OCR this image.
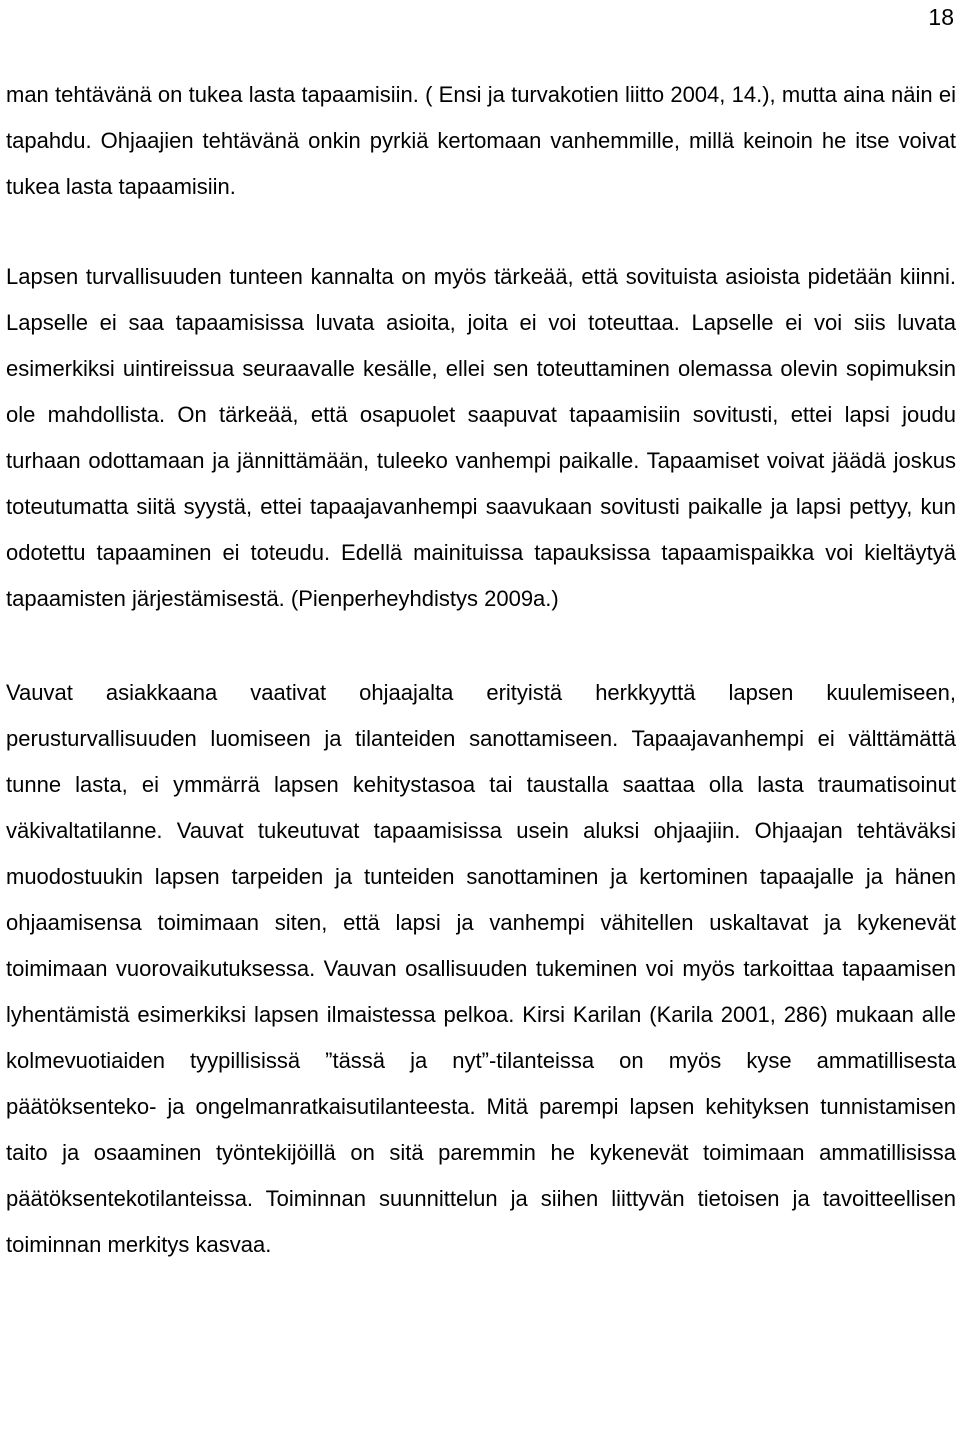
18

man tehtävänä on tukea lasta tapaamisiin. ( Ensi ja turvakotien liitto 2004, 14.), mutta aina näin ei tapahdu. Ohjaajien tehtävänä onkin pyrkiä kertomaan vanhemmille, millä keinoin he itse voivat tukea lasta tapaamisiin.

Lapsen turvallisuuden tunteen kannalta on myös tärkeää, että sovituista asioista pidetään kiinni. Lapselle ei saa tapaamisissa luvata asioita, joita ei voi toteuttaa. Lapselle ei voi siis luvata esimerkiksi uintireissua seuraavalle kesälle, ellei sen toteuttaminen olemassa olevin sopimuksin ole mahdollista. On tärkeää, että osapuolet saapuvat tapaamisiin sovitusti, ettei lapsi joudu turhaan odottamaan ja jännittämään, tuleeko vanhempi paikalle. Tapaamiset voivat jäädä joskus toteutumatta siitä syystä, ettei tapaajavanhempi saavukaan sovitusti paikalle ja lapsi pettyy, kun odotettu tapaaminen ei toteudu. Edellä mainituissa tapauksissa tapaamispaikka voi kieltäytyä tapaamisten järjestämisestä. (Pienperheyhdistys 2009a.)

Vauvat asiakkaana vaativat ohjaajalta erityistä herkkyyttä lapsen kuulemiseen, perusturvallisuuden luomiseen ja tilanteiden sanottamiseen. Tapaajavanhempi ei välttämättä tunne lasta, ei ymmärrä lapsen kehitystasoa tai taustalla saattaa olla lasta traumatisoinut väkivaltatilanne. Vauvat tukeutuvat tapaamisissa usein aluksi ohjaajiin. Ohjaajan tehtäväksi muodostuukin lapsen tarpeiden ja tunteiden sanottaminen ja kertominen tapaajalle ja hänen ohjaamisensa toimimaan siten, että lapsi ja vanhempi vähitellen uskaltavat ja kykenevät toimimaan vuorovaikutuksessa. Vauvan osallisuuden tukeminen voi myös tarkoittaa tapaamisen lyhentämistä esimerkiksi lapsen ilmaistessa pelkoa. Kirsi Karilan (Karila 2001, 286) mukaan alle kolmevuotiaiden tyypillisissä ”tässä ja nyt”-tilanteissa on myös kyse ammatillisesta päätöksenteko- ja ongelmanratkaisutilanteesta. Mitä parempi lapsen kehityksen tunnistamisen taito ja osaaminen työntekijöillä on sitä paremmin he kykenevät toimimaan ammatillisissa päätöksentekotilanteissa. Toiminnan suunnittelun ja siihen liittyvän tietoisen ja tavoitteellisen toiminnan merkitys kasvaa.
